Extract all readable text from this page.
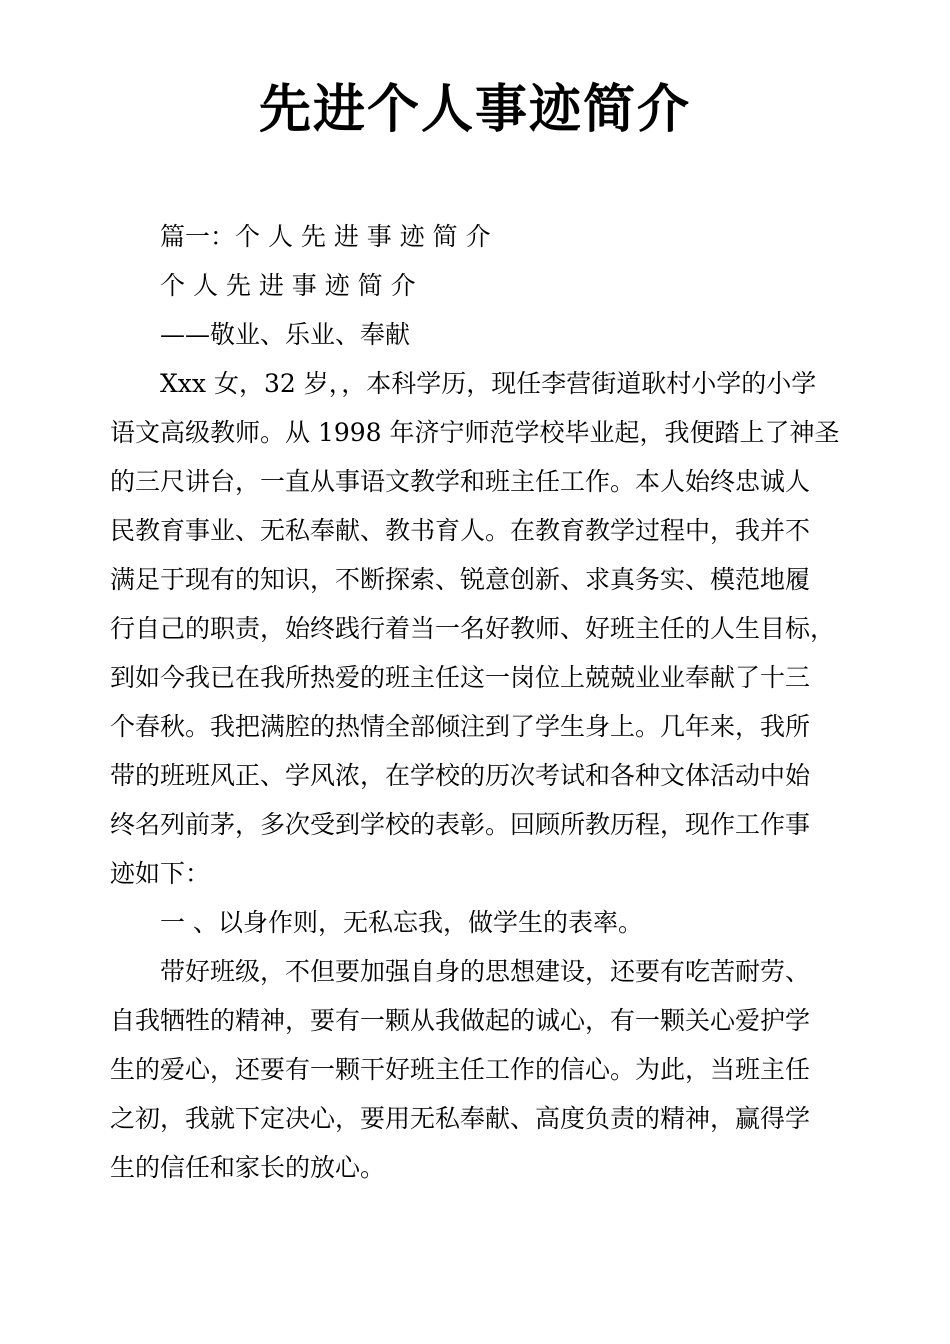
先进个人事迹简介

篇一：个 人 先 进 事 迹 简 介

个 人 先 进 事 迹 简 介

——敬业、乐业、奉献

Xxx 女，32 岁，，本科学历，现任李营街道耿村小学的小学

语文高级教师。从 1998 年济宁师范学校毕业起，我便踏上了神圣

的三尺讲台，一直从事语文教学和班主任工作。本人始终忠诚人

民教育事业、无私奉献、教书育人。在教育教学过程中，我并不

满足于现有的知识，不断探索、锐意创新、求真务实、模范地履

行自己的职责，始终践行着当一名好教师、好班主任的人生目标，

到如今我已在我所热爱的班主任这一岗位上兢兢业业奉献了十三

个春秋。我把满腔的热情全部倾注到了学生身上。几年来，我所

带的班班风正、学风浓，在学校的历次考试和各种文体活动中始

终名列前茅，多次受到学校的表彰。回顾所教历程，现作工作事

迹如下：

一 、以身作则，无私忘我，做学生的表率。

带好班级，不但要加强自身的思想建设，还要有吃苦耐劳、

自我牺牲的精神，要有一颗从我做起的诚心，有一颗关心爱护学

生的爱心，还要有一颗干好班主任工作的信心。为此，当班主任

之初，我就下定决心，要用无私奉献、高度负责的精神，赢得学

生的信任和家长的放心。
